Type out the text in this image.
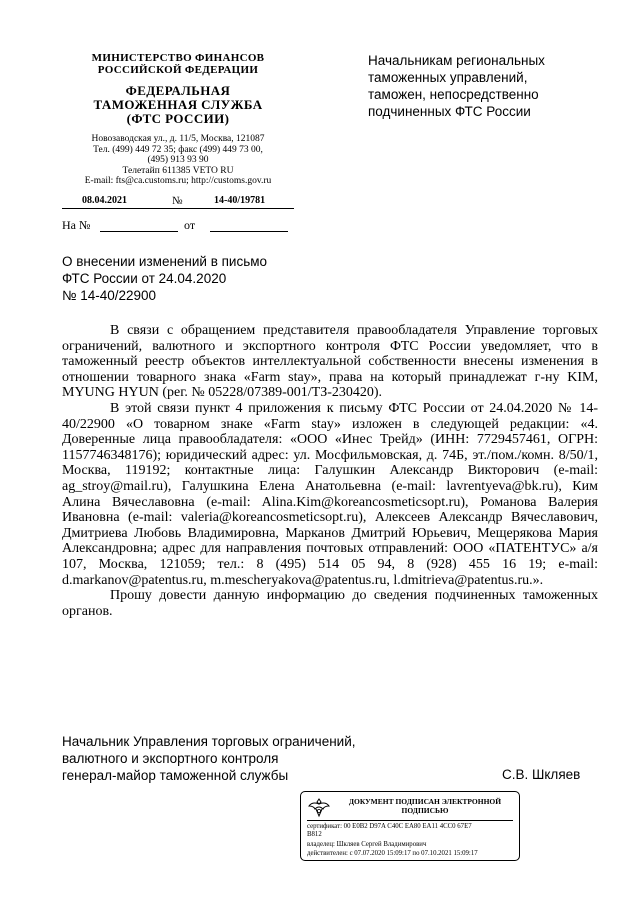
МИНИСТЕРСТВО ФИНАНСОВ
РОССИЙСКОЙ ФЕДЕРАЦИИ
ФЕДЕРАЛЬНАЯ
ТАМОЖЕННАЯ СЛУЖБА
(ФТС РОССИИ)
Новозаводская ул., д. 11/5, Москва, 121087
Тел. (499) 449 72 35; факс (499) 449 73 00,
(495) 913 93 90
Телетайп 611385 VETO RU
E-mail: fts@ca.customs.ru; http://customs.gov.ru
08.04.2021	№	14-40/19781
На №	от
Начальникам региональных
таможенных управлений,
таможен, непосредственно
подчиненных ФТС России
О внесении изменений в письмо
ФТС России от 24.04.2020
№ 14-40/22900

В связи с обращением представителя правообладателя Управление торговых ограничений, валютного и экспортного контроля ФТС России уведомляет, что в таможенный реестр объектов интеллектуальной собственности внесены изменения в отношении товарного знака «Farm stay», права на который принадлежат г-ну KIM, MYUNG HYUN (рег. № 05228/07389-001/ТЗ-230420).

В этой связи пункт 4 приложения к письму ФТС России от 24.04.2020 № 14-40/22900 «О товарном знаке «Farm stay» изложен в следующей редакции: «4. Доверенные лица правообладателя: «ООО «Инес Трейд» (ИНН: 7729457461, ОГРН: 1157746348176); юридический адрес: ул. Мосфильмовская, д. 74Б, эт./пом./комн. 8/50/1, Москва, 119192; контактные лица: Галушкин Александр Викторович (e-mail: ag_stroy@mail.ru), Галушкина Елена Анатольевна (e-mail: lavrentyeva@bk.ru), Ким Алина Вячеславовна (e-mail: Alina.Kim@koreancosmeticsopt.ru), Романова Валерия Ивановна (e-mail: valeria@koreancosmeticsopt.ru), Алексеев Александр Вячеславович, Дмитриева Любовь Владимировна, Марканов Дмитрий Юрьевич, Мещерякова Мария Александровна; адрес для направления почтовых отправлений: ООО «ПАТЕНТУС» а/я 107, Москва, 121059; тел.: 8 (495) 514 05 94, 8 (928) 455 16 19; e-mail: d.markanov@patentus.ru, m.mescheryakova@patentus.ru, l.dmitrieva@patentus.ru.».

Прошу довести данную информацию до сведения подчиненных таможенных органов.

Начальник Управления торговых ограничений,
валютного и экспортного контроля
генерал-майор таможенной службы	С.В. Шкляев
ДОКУМЕНТ ПОДПИСАН ЭЛЕКТРОННОЙ
ПОДПИСЬЮ
сертификат: 00 E0B2 D97A C40C EA80 EA11 4CC0 67E7
B812
владелец: Шкляев Сергей Владимирович
действителен: с 07.07.2020 15:09:17 по 07.10.2021 15:09:17
